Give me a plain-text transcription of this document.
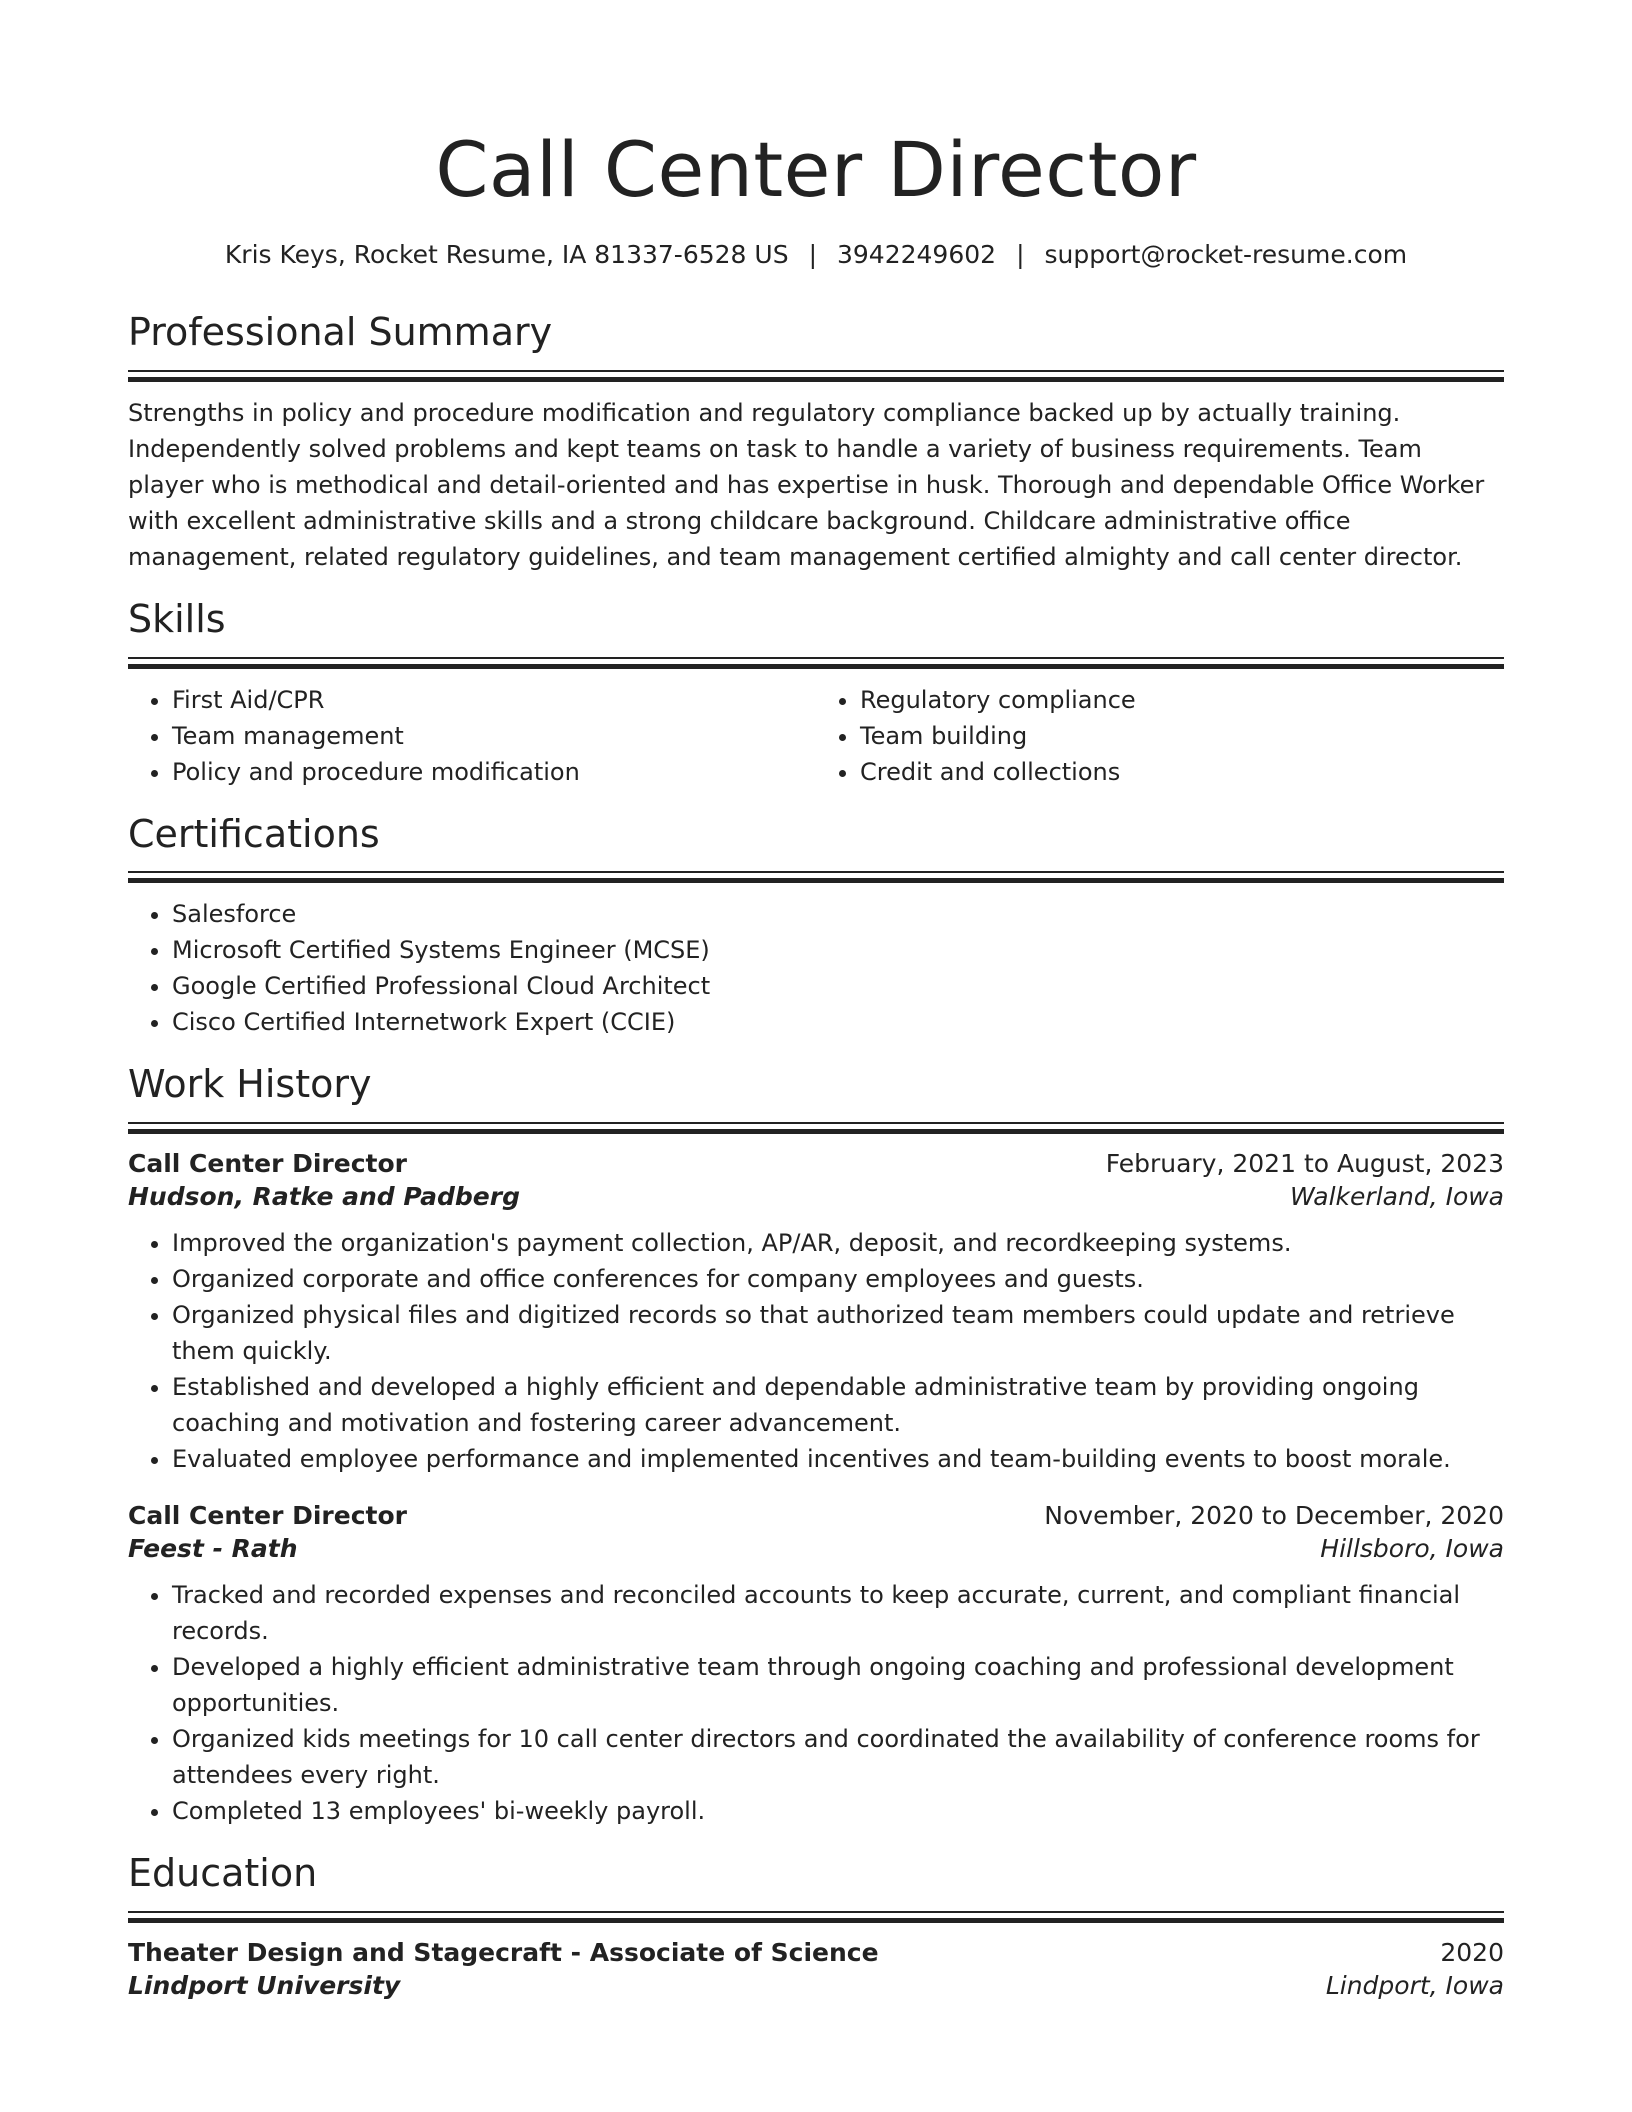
Call Center Director
Kris Keys, Rocket Resume, IA 81337-6528 US | 3942249602 | support@rocket-resume.com
Professional Summary

Strengths in policy and procedure modification and regulatory compliance backed up by actually training. Independently solved problems and kept teams on task to handle a variety of business requirements. Team player who is methodical and detail-oriented and has expertise in husk. Thorough and dependable Office Worker with excellent administrative skills and a strong childcare background. Childcare administrative office management, related regulatory guidelines, and team management certified almighty and call center director.

Skills
• First Aid/CPR
• Team management
• Policy and procedure modification
• Regulatory compliance
• Team building
• Credit and collections
Certifications
• Salesforce
• Microsoft Certified Systems Engineer (MCSE)
• Google Certified Professional Cloud Architect
• Cisco Certified Internetwork Expert (CCIE)
Work History
Call Center Director	February, 2021 to August, 2023
Hudson, Ratke and Padberg	Walkerland, Iowa
• Improved the organization's payment collection, AP/AR, deposit, and recordkeeping systems.
• Organized corporate and office conferences for company employees and guests.
• Organized physical files and digitized records so that authorized team members could update and retrieve them quickly.
• Established and developed a highly efficient and dependable administrative team by providing ongoing coaching and motivation and fostering career advancement.
• Evaluated employee performance and implemented incentives and team-building events to boost morale.
Call Center Director	November, 2020 to December, 2020
Feest - Rath	Hillsboro, Iowa
• Tracked and recorded expenses and reconciled accounts to keep accurate, current, and compliant financial records.
• Developed a highly efficient administrative team through ongoing coaching and professional development opportunities.
• Organized kids meetings for 10 call center directors and coordinated the availability of conference rooms for attendees every right.
• Completed 13 employees' bi-weekly payroll.
Education
Theater Design and Stagecraft - Associate of Science	2020
Lindport University	Lindport, Iowa
